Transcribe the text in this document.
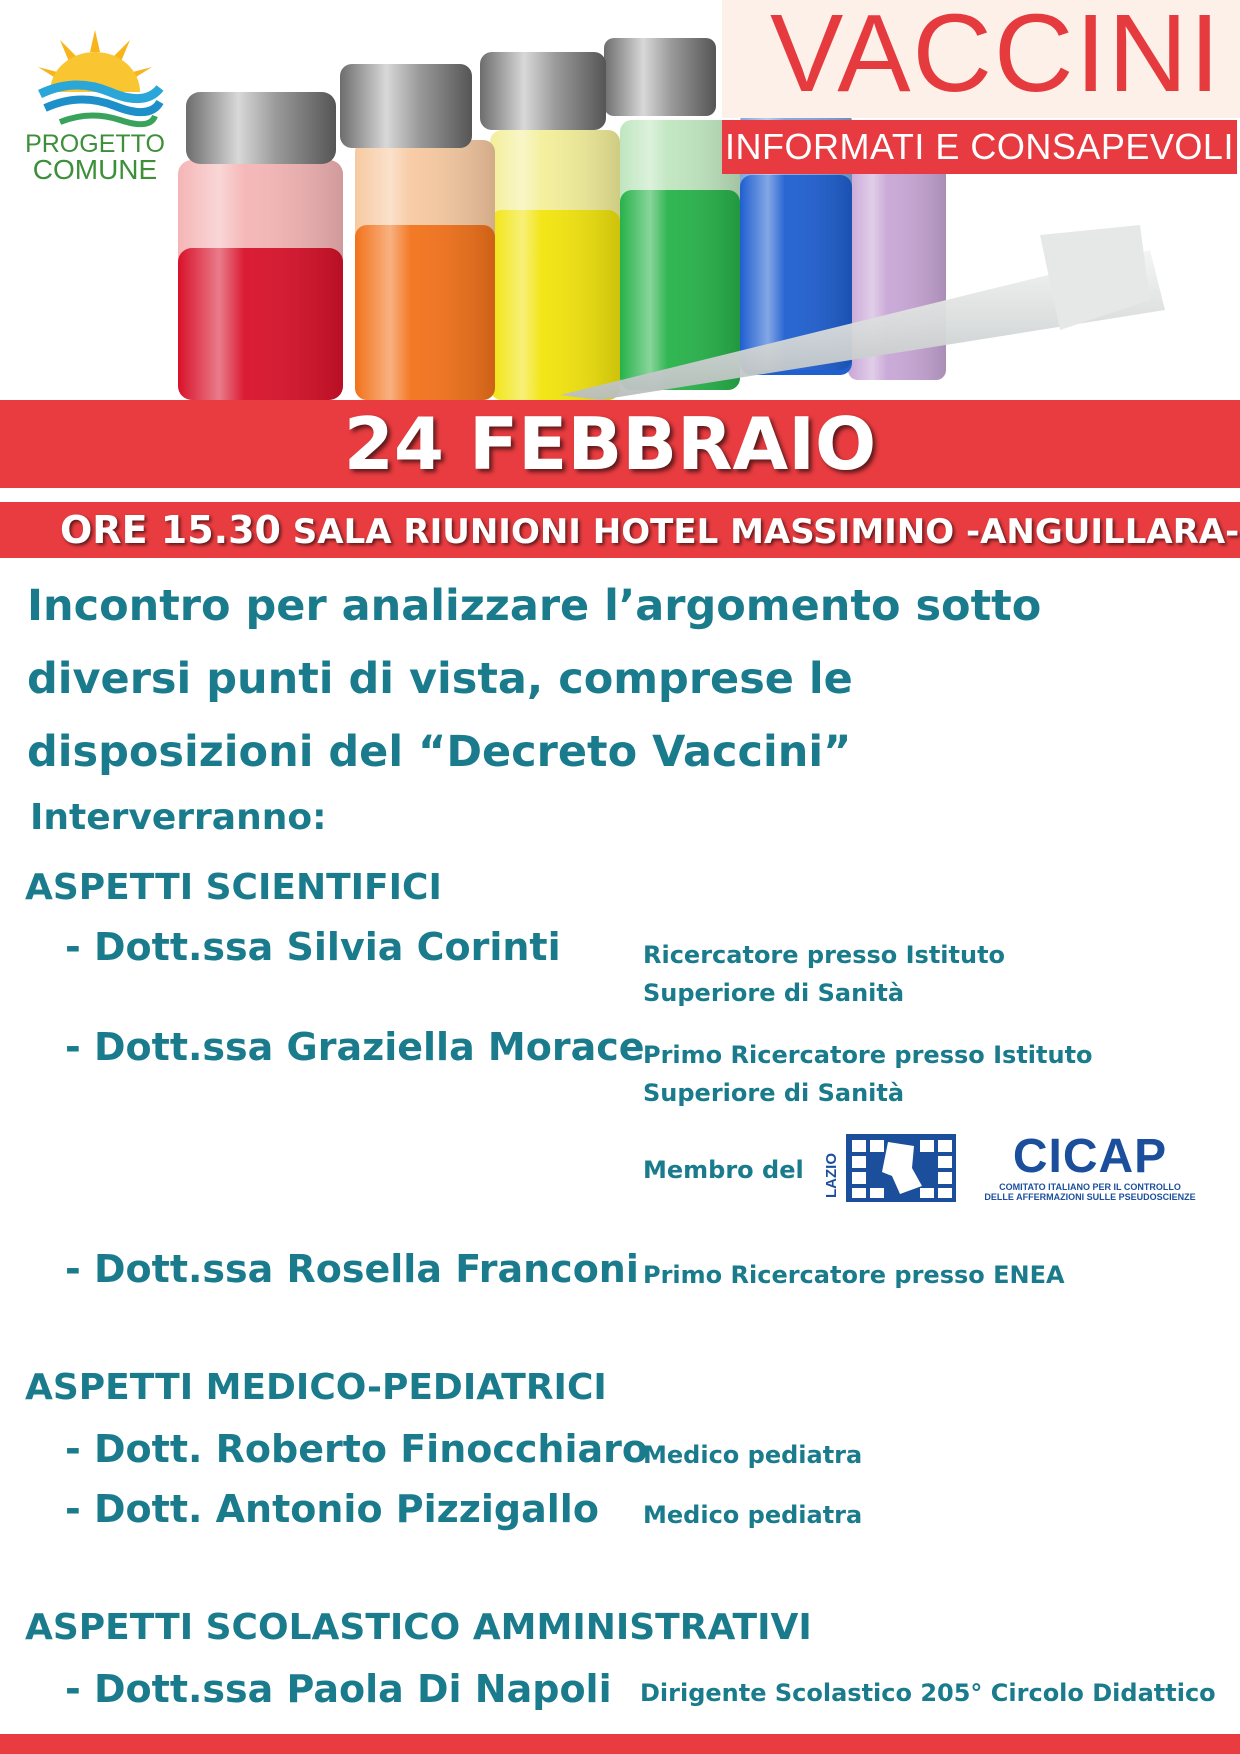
PROGETTO
COMUNE
VACCINI
INFORMATI E CONSAPEVOLI
24 FEBBRAIO
ORE 15.30 SALA RIUNIONI HOTEL MASSIMINO -ANGUILLARA-
Incontro per analizzare l’argomento sotto
diversi punti di vista, comprese le
disposizioni del “Decreto Vaccini”
Interverranno:
ASPETTI SCIENTIFICI
- Dott.ssa Silvia Corinti	Ricercatore presso Istituto
Superiore di Sanità
- Dott.ssa Graziella Morace
Primo Ricercatore presso Istituto
Superiore di Sanità
Membro del LAZIO	CICAP
COMITATO ITALIANO PER IL CONTROLLO
DELLE AFFERMAZIONI SULLE PSEUDOSCIENZE
- Dott.ssa Rosella Franconi Primo Ricercatore presso ENEA
ASPETTI MEDICO-PEDIATRICI
- Dott. Roberto Finocchiaro
Medico pediatra
- Dott. Antonio Pizzigallo Medico pediatra
ASPETTI SCOLASTICO AMMINISTRATIVI
- Dott.ssa Paola Di Napoli Dirigente Scolastico 205° Circolo Didattico
